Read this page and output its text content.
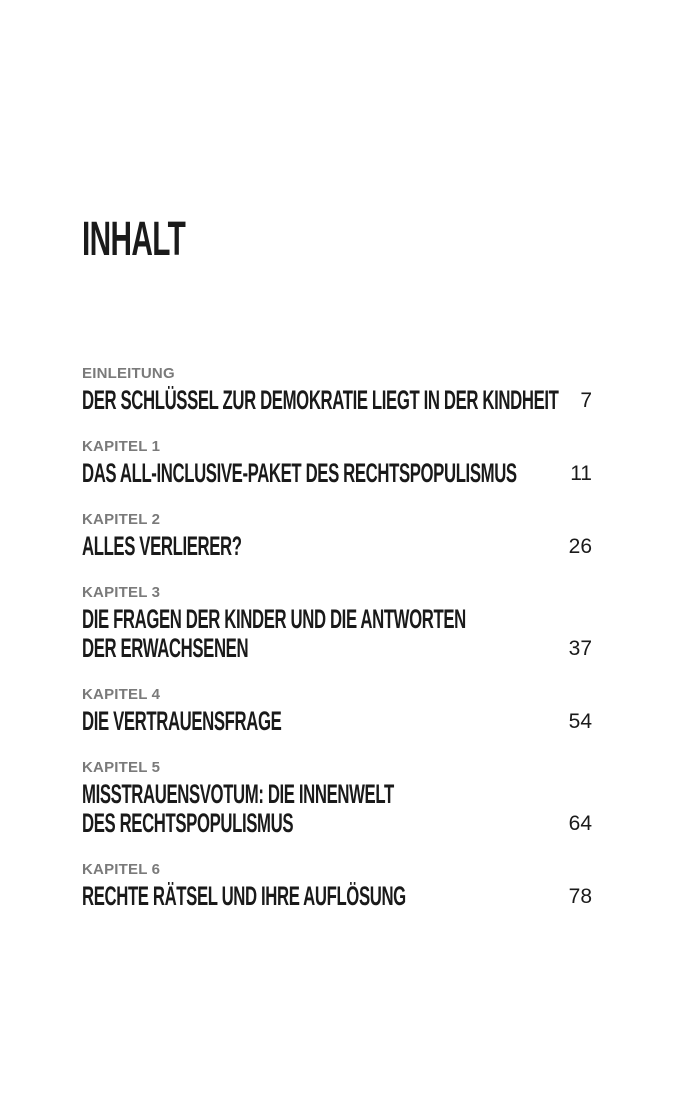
INHALT
EINLEITUNG
DER SCHLÜSSEL ZUR DEMOKRATIE LIEGT IN DER KINDHEIT 7
KAPITEL 1
DAS ALL-INCLUSIVE-PAKET DES RECHTSPOPULISMUS	11
KAPITEL 2
ALLES VERLIERER?	26
KAPITEL 3
DIE FRAGEN DER KINDER UND DIE ANTWORTEN
DER ERWACHSENEN	37
KAPITEL 4
DIE VERTRAUENSFRAGE	54
KAPITEL 5
MISSTRAUENSVOTUM: DIE INNENWELT
DES RECHTSPOPULISMUS	64
KAPITEL 6
RECHTE RÄTSEL UND IHRE AUFLÖSUNG	78
